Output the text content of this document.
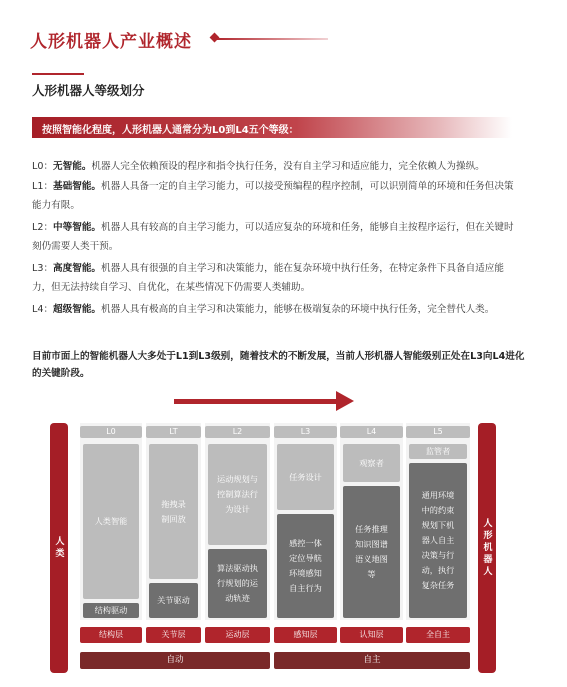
人形机器人产业概述
人形机器人等级划分
按照智能化程度，人形机器人通常分为L0到L4五个等级：
L0：无智能。机器人完全依赖预设的程序和指令执行任务，没有自主学习和适应能力，完全依赖人为操纵。
L1：基础智能。机器人具备一定的自主学习能力，可以接受预编程的程序控制，可以识别简单的环境和任务但决策能力有限。
L2：中等智能。机器人具有较高的自主学习能力，可以适应复杂的环境和任务，能够自主按程序运行，但在关键时刻仍需要人类干预。
L3：高度智能。机器人具有很强的自主学习和决策能力，能在复杂环境中执行任务，在特定条件下具备自适应能力，但无法持续自学习、自优化，在某些情况下仍需要人类辅助。
L4：超级智能。机器人具有极高的自主学习和决策能力，能够在极端复杂的环境中执行任务，完全替代人类。
目前市面上的智能机器人大多处于L1到L3级别，随着技术的不断发展，当前人形机器人智能级别正处在L3向L4进化的关键阶段。
人类	人形机器人
L0	LT	L2	L3	L4	L5
人类智能
结构驱动
拖拽录制回放
关节驱动
运动规划与控制算法行为设计
算法驱动执行规划的运动轨迹
任务设计
感控一体定位导航环境感知自主行为
观察者
任务推理知识图谱语义地图等
监管者
通用环境中的约束规划下机器人自主决策与行动，执行复杂任务
结构层	关节层	运动层	感知层	认知层	全自主
自动	自主
